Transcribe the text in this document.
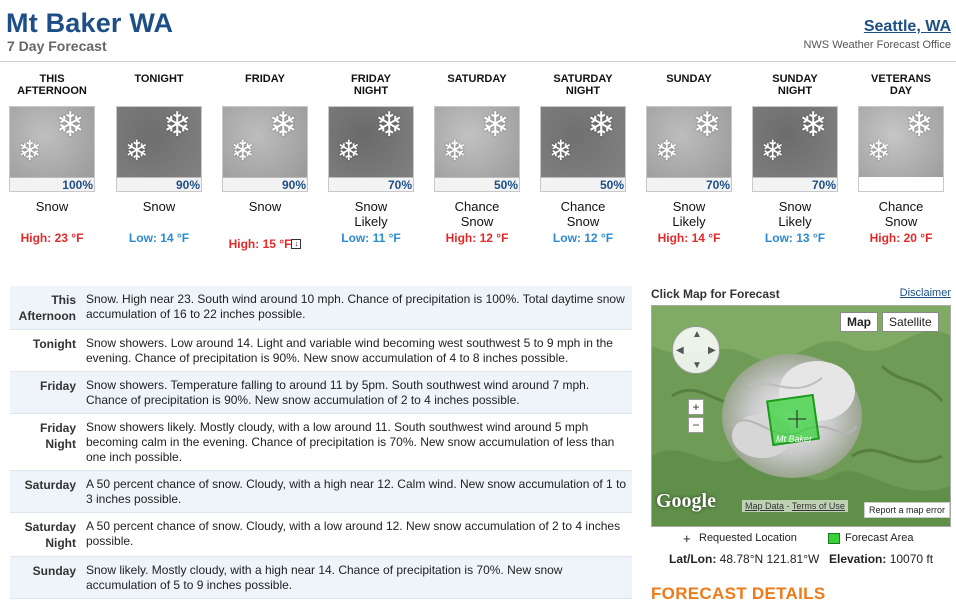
Mt Baker WA
7 Day Forecast
Seattle, WA
NWS Weather Forecast Office
THIS
AFTERNOON
❄
❄
100%
Snow
High: 23 °F
TONIGHT
❄
❄
90%
Snow
Low: 14 °F
FRIDAY
❄
❄
90%
Snow
High: 15 °F ↓
FRIDAY
NIGHT
❄
❄
70%
Snow
Likely
Low: 11 °F
SATURDAY
❄
❄
50%
Chance
Snow
High: 12 °F
SATURDAY
NIGHT
❄
❄
50%
Chance
Snow
Low: 12 °F
SUNDAY
❄
❄
70%
Snow
Likely
High: 14 °F
SUNDAY
NIGHT
❄
❄
70%
Snow
Likely
Low: 13 °F
VETERANS
DAY
❄
❄
Chance
Snow
High: 20 °F
This
Afternoon
Snow. High near 23. South wind around 10 mph. Chance of precipitation is 100%. Total daytime snow accumulation of 16 to 22 inches possible.
Tonight Snow showers. Low around 14. Light and variable wind becoming west southwest 5 to 9 mph in the evening. Chance of precipitation is 90%. New snow accumulation of 4 to 8 inches possible.
Friday Snow showers. Temperature falling to around 11 by 5pm. South southwest wind around 7 mph. Chance of precipitation is 90%. New snow accumulation of 2 to 4 inches possible.
Friday
Night
Snow showers likely. Mostly cloudy, with a low around 11. South southwest wind around 5 mph becoming calm in the evening. Chance of precipitation is 70%. New snow accumulation of less than one inch possible.
Saturday A 50 percent chance of snow. Cloudy, with a high near 12. Calm wind. New snow accumulation of 1 to 3 inches possible.
Saturday
Night
A 50 percent chance of snow. Cloudy, with a low around 12. New snow accumulation of 2 to 4 inches possible.
Sunday Snow likely. Mostly cloudy, with a high near 14. Chance of precipitation is 70%. New snow accumulation of 5 to 9 inches possible.
Click Map for Forecast	Disclaimer
Mt Baker
▲
▼
◀ ▶
+
−
Map	Satellite
Google	Map Data - Terms of Use	Report a map error
+ Requested Location	Forecast Area
Lat/Lon: 48.78°N 121.81°W Elevation: 10070 ft
FORECAST DETAILS
